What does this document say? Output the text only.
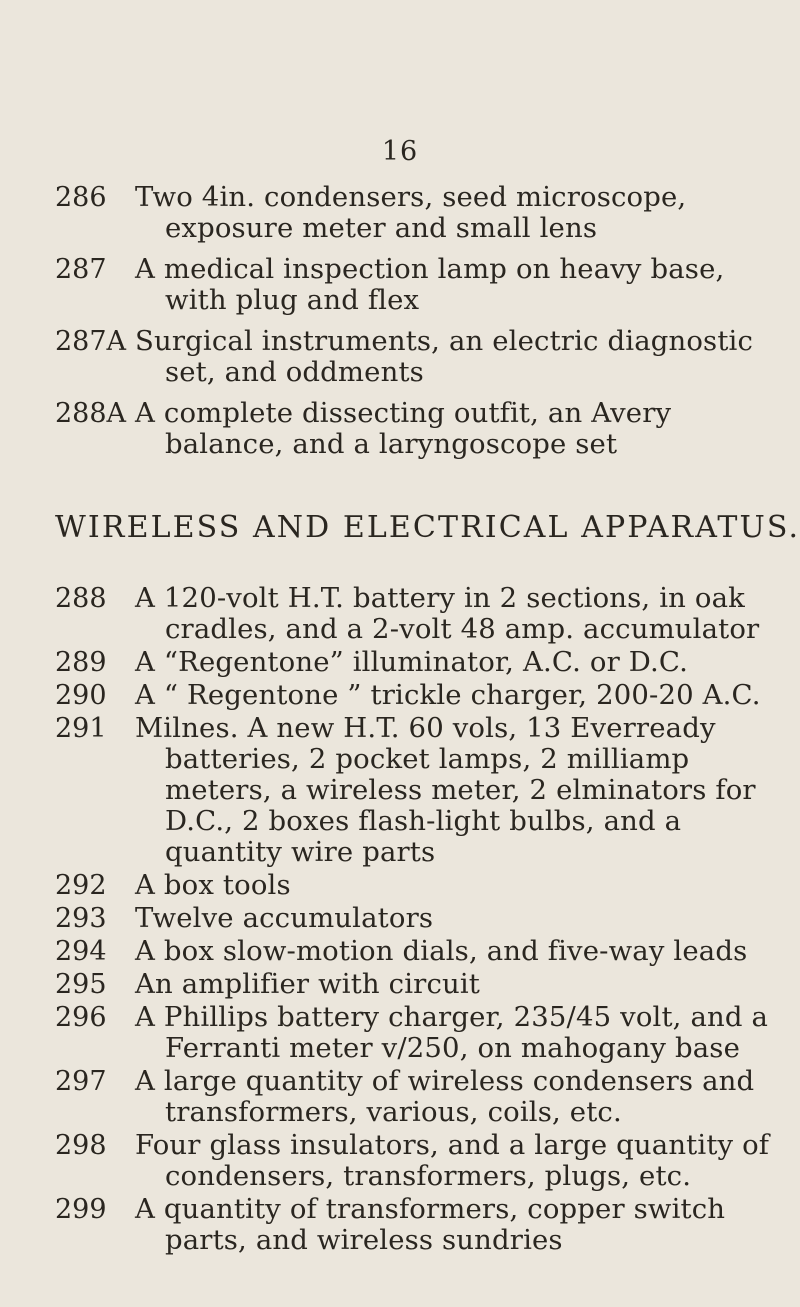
16
286	Two 4in. condensers, seed microscope, exposure meter and small lens
287	A medical inspection lamp on heavy base, with plug and flex
287A Surgical instruments, an electric diagnostic set, and oddments
288A A complete dissecting outfit, an Avery balance, and a laryngoscope set
WIRELESS AND ELECTRICAL APPARATUS.
288	A 120-volt H.T. battery in 2 sections, in oak cradles, and a 2-volt 48 amp. accumulator
289	A “Regentone” illuminator, A.C. or D.C.
290	A “ Regentone ” trickle charger, 200-20 A.C.
291	Milnes. A new H.T. 60 vols, 13 Everready batteries, 2 pocket lamps, 2 milliamp meters, a wireless meter, 2 elminators for D.C., 2 boxes flash-light bulbs, and a quantity wire parts
292	A box tools
293	Twelve accumulators
294	A box slow-motion dials, and five-way leads
295	An amplifier with circuit
296	A Phillips battery charger, 235/45 volt, and a Ferranti meter v/250, on mahogany base
297	A large quantity of wireless condensers and transformers, various, coils, etc.
298	Four glass insulators, and a large quantity of condensers, transformers, plugs, etc.
299	A quantity of transformers, copper switch parts, and wireless sundries
